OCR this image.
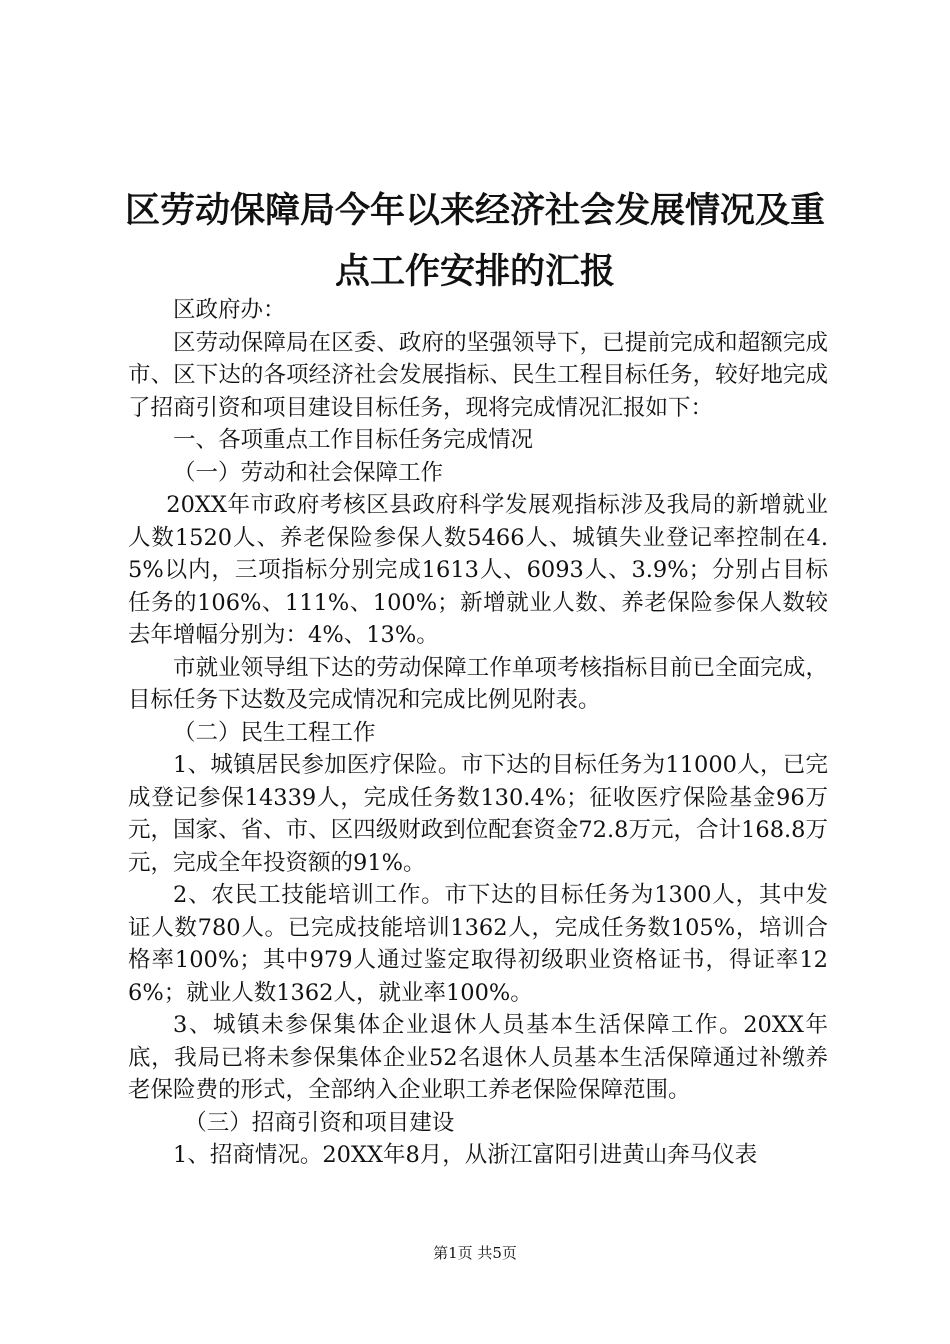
区劳动保障局今年以来经济社会发展情况及重
点工作安排的汇报

区政府办：

区劳动保障局在区委、政府的坚强领导下，已提前完成和超额完成市、区下达的各项经济社会发展指标、民生工程目标任务，较好地完成了招商引资和项目建设目标任务，现将完成情况汇报如下：

一、各项重点工作目标任务完成情况

（一）劳动和社会保障工作

20XX年市政府考核区县政府科学发展观指标涉及我局的新增就业人数1520人、养老保险参保人数5466人、城镇失业登记率控制在4.5%以内，三项指标分别完成1613人、6093人、3.9%；分别占目标任务的106%、111%、100%；新增就业人数、养老保险参保人数较去年增幅分别为：4%、13%。

市就业领导组下达的劳动保障工作单项考核指标目前已全面完成，目标任务下达数及完成情况和完成比例见附表。

（二）民生工程工作

1、城镇居民参加医疗保险。市下达的目标任务为11000人，已完成登记参保14339人，完成任务数130.4%；征收医疗保险基金96万元，国家、省、市、区四级财政到位配套资金72.8万元，合计168.8万元，完成全年投资额的91%。

2、农民工技能培训工作。市下达的目标任务为1300人，其中发证人数780人。已完成技能培训1362人，完成任务数105%，培训合格率100%；其中979人通过鉴定取得初级职业资格证书，得证率126%；就业人数1362人，就业率100%。

3、城镇未参保集体企业退休人员基本生活保障工作。20XX年底，我局已将未参保集体企业52名退休人员基本生活保障通过补缴养老保险费的形式，全部纳入企业职工养老保险保障范围。

（三）招商引资和项目建设

1、招商情况。20XX年8月，从浙江富阳引进黄山奔马仪表

第1页 共5页
